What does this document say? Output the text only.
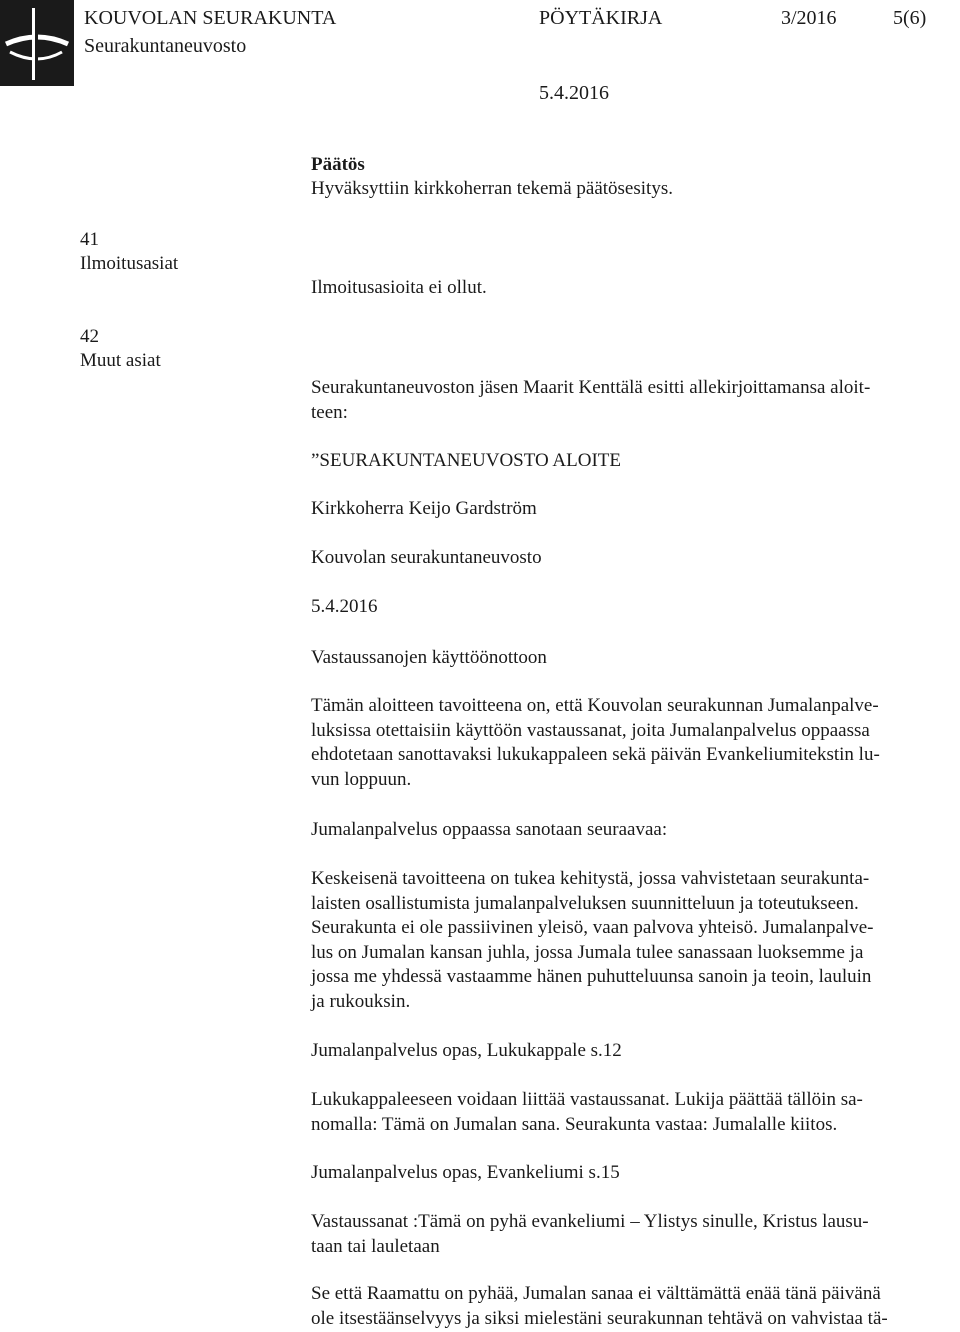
KOUVOLAN SEURAKUNTA
Seurakuntaneuvosto
PÖYTÄKIRJA	3/2016	5(6)
5.4.2016
Päätös
Hyväksyttiin kirkkoherran tekemä päätösesitys.
41
Ilmoitusasiat
Ilmoitusasioita ei ollut.
42
Muut asiat
Seurakuntaneuvoston jäsen Maarit Kenttälä esitti allekirjoittamansa aloit-
teen:
”SEURAKUNTANEUVOSTO ALOITE
Kirkkoherra Keijo Gardström
Kouvolan seurakuntaneuvosto
5.4.2016
Vastaussanojen käyttöönottoon
Tämän aloitteen tavoitteena on, että Kouvolan seurakunnan Jumalanpalve-
luksissa otettaisiin käyttöön vastaussanat, joita Jumalanpalvelus oppaassa
ehdotetaan sanottavaksi lukukappaleen sekä päivän Evankeliumitekstin lu-
vun loppuun.
Jumalanpalvelus oppaassa sanotaan seuraavaa:
Keskeisenä tavoitteena on tukea kehitystä, jossa vahvistetaan seurakunta-
laisten osallistumista jumalanpalveluksen suunnitteluun ja toteutukseen.
Seurakunta ei ole passiivinen yleisö, vaan palvova yhteisö. Jumalanpalve-
lus on Jumalan kansan juhla, jossa Jumala tulee sanassaan luoksemme ja
jossa me yhdessä vastaamme hänen puhutteluunsa sanoin ja teoin, lauluin
ja rukouksin.
Jumalanpalvelus opas, Lukukappale s.12
Lukukappaleeseen voidaan liittää vastaussanat. Lukija päättää tällöin sa-
nomalla: Tämä on Jumalan sana. Seurakunta vastaa: Jumalalle kiitos.
Jumalanpalvelus opas, Evankeliumi s.15
Vastaussanat :Tämä on pyhä evankeliumi – Ylistys sinulle, Kristus lausu-
taan tai lauletaan
Se että Raamattu on pyhää, Jumalan sanaa ei välttämättä enää tänä päivänä
ole itsestäänselvyys ja siksi mielestäni seurakunnan tehtävä on vahvistaa tä-
